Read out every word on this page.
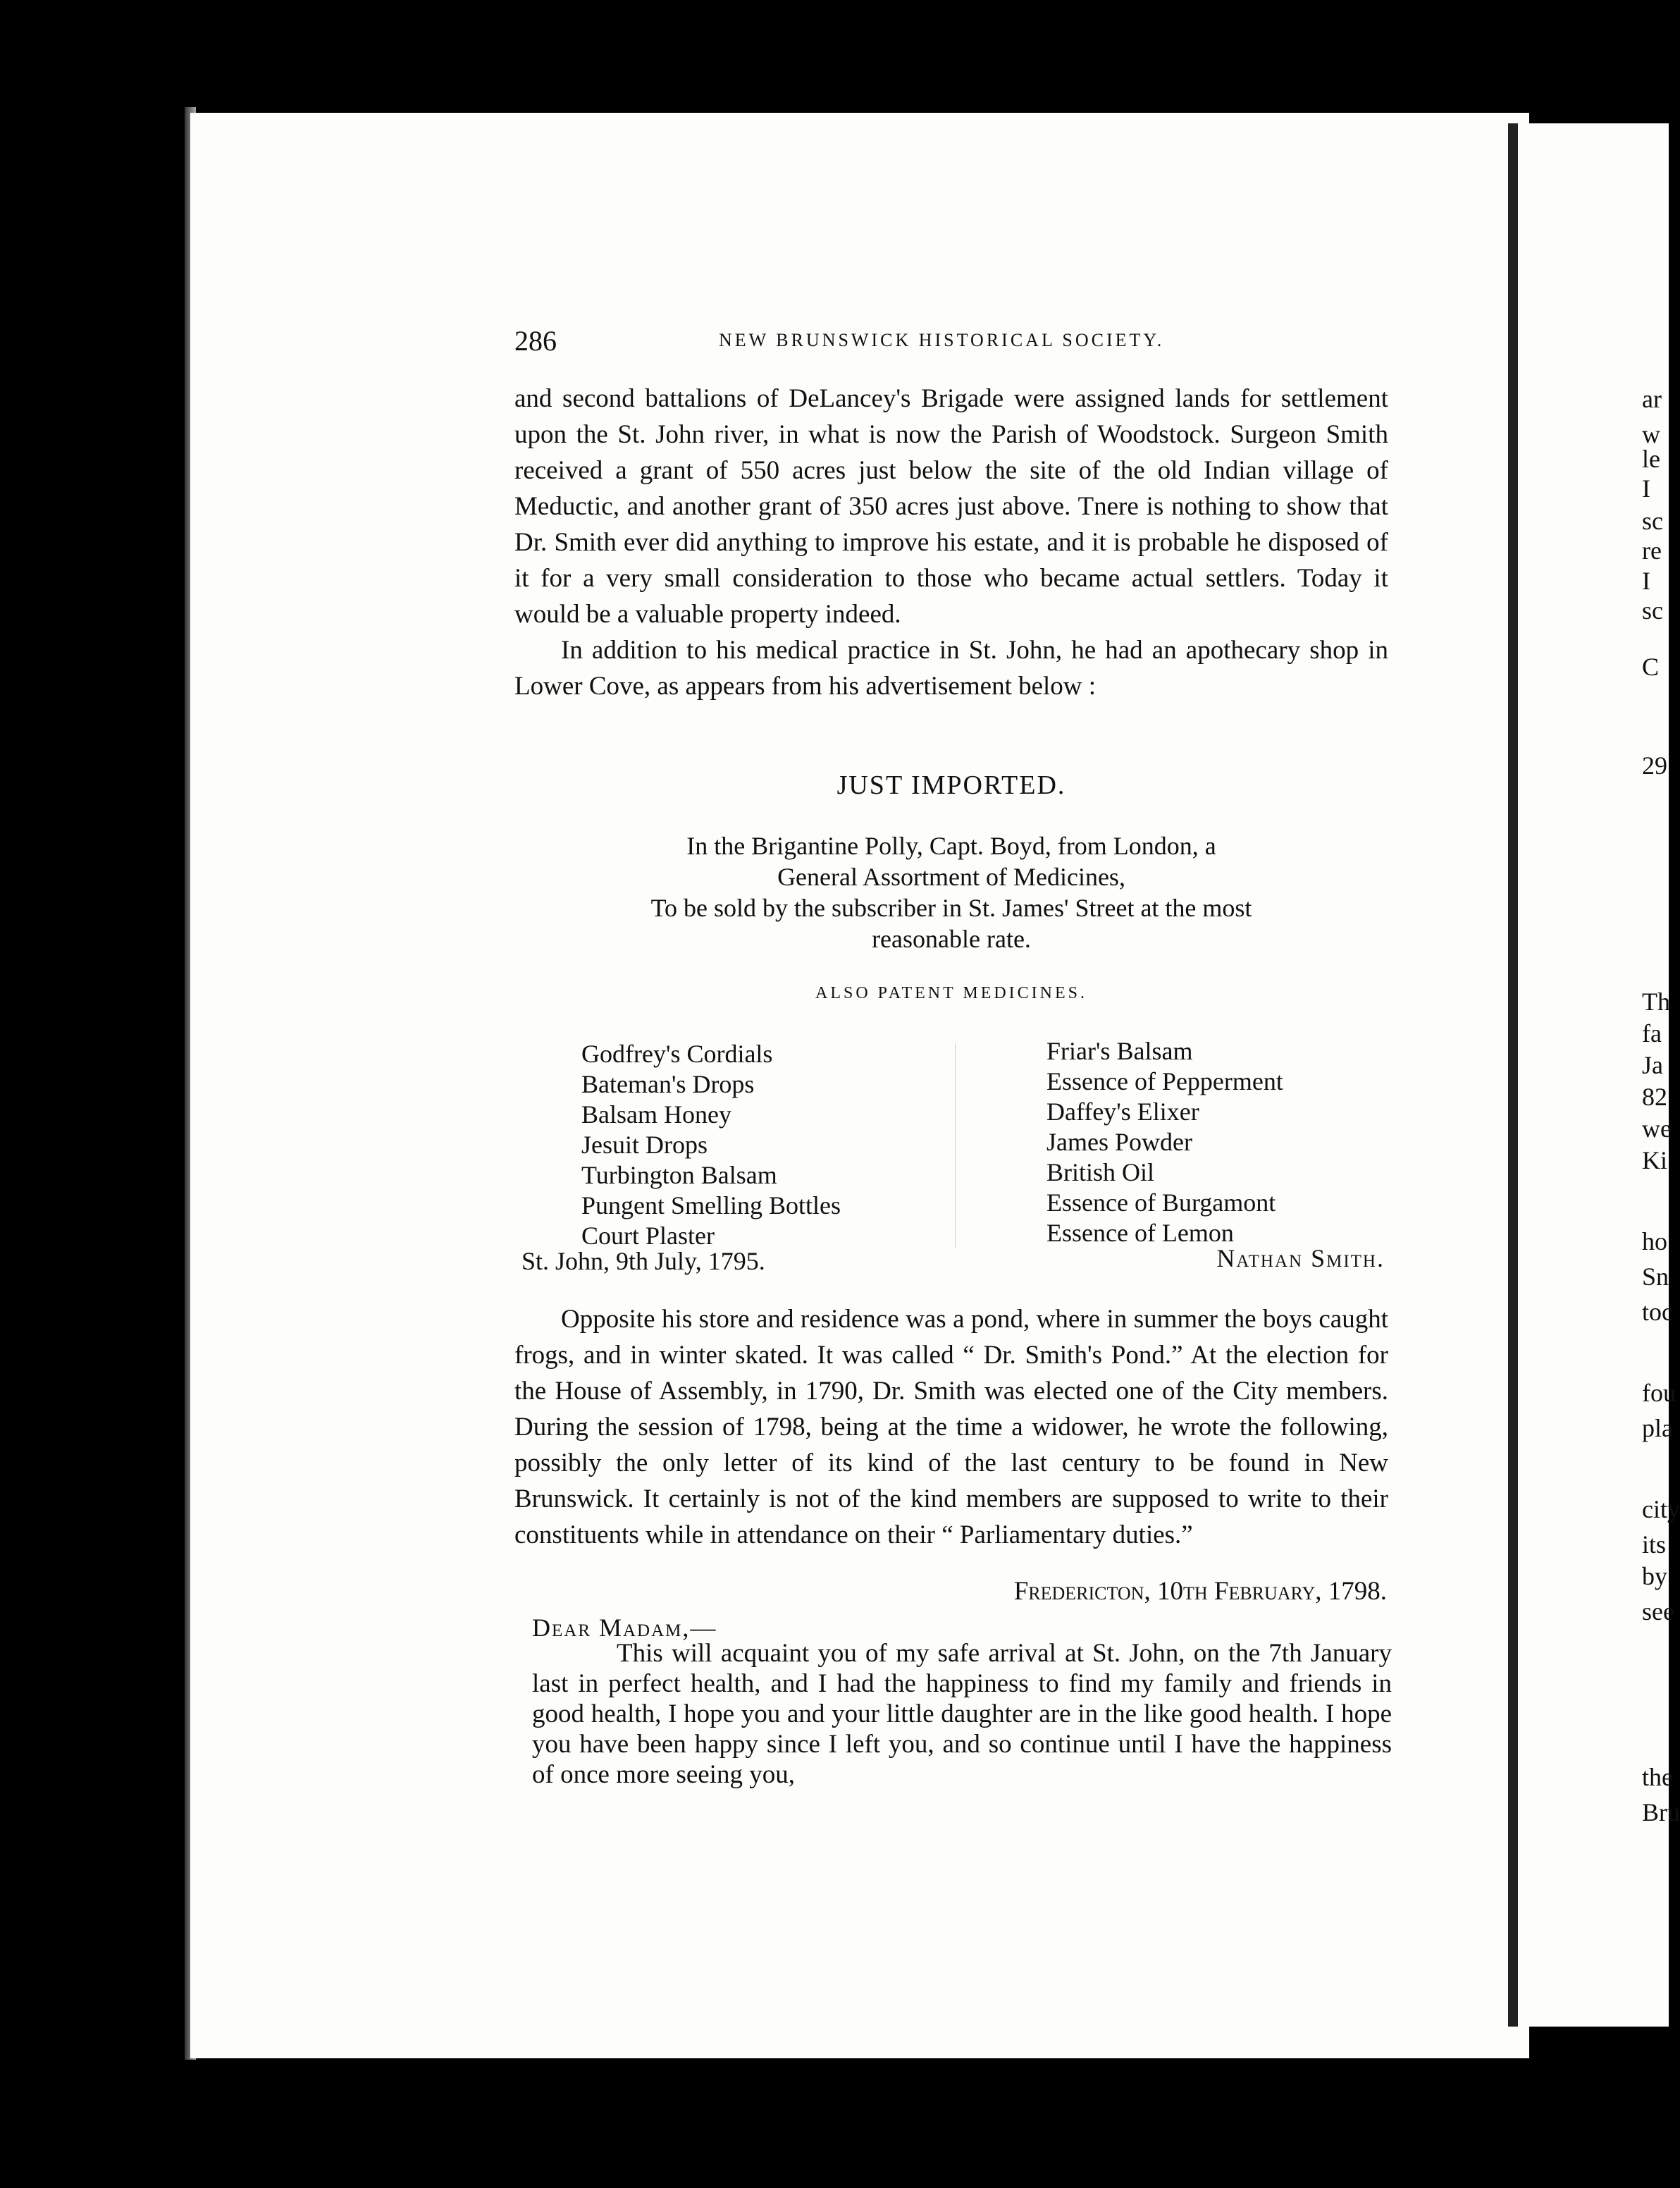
ar
w
le
I
sc
re
I
sc
C
29
Th
fa
Ja
82
we
Ki
ho
Sn
toc
fou
pla
city
its
by
see
the
Bru
286	NEW BRUNSWICK HISTORICAL SOCIETY.

and second battalions of DeLancey's Brigade were assigned lands for settlement upon the St. John river, in what is now the Parish of Woodstock. Surgeon Smith received a grant of 550 acres just below the site of the old Indian village of Meductic, and another grant of 350 acres just above. Tnere is nothing to show that Dr. Smith ever did anything to improve his estate, and it is probable he disposed of it for a very small consideration to those who became actual settlers. Today it would be a valuable property indeed.

In addition to his medical practice in St. John, he had an apothecary shop in Lower Cove, as appears from his advertisement below :

JUST IMPORTED.
In the Brigantine Polly, Capt. Boyd, from London, a
General Assortment of Medicines,
To be sold by the subscriber in St. James' Street at the most
reasonable rate.
ALSO PATENT MEDICINES.
Godfrey's Cordials
Bateman's Drops
Balsam Honey
Jesuit Drops
Turbington Balsam
Pungent Smelling Bottles
Court Plaster
Friar's Balsam
Essence of Pepperment
Daffey's Elixer
James Powder
British Oil
Essence of Burgamont
Essence of Lemon
St. John, 9th July, 1795.	Nathan Smith.

Opposite his store and residence was a pond, where in summer the boys caught frogs, and in winter skated. It was called “ Dr. Smith's Pond.” At the election for the House of Assembly, in 1790, Dr. Smith was elected one of the City members. During the session of 1798, being at the time a widower, he wrote the following, possibly the only letter of its kind of the last century to be found in New Brunswick. It certainly is not of the kind members are supposed to write to their constituents while in attendance on their “ Parliamentary duties.”

Fredericton, 10th February, 1798.
Dear Madam,—

This will acquaint you of my safe arrival at St. John, on the 7th January last in perfect health, and I had the happiness to find my family and friends in good health, I hope you and your little daughter are in the like good health. I hope you have been happy since I left you, and so continue until I have the happiness of once more seeing you,
